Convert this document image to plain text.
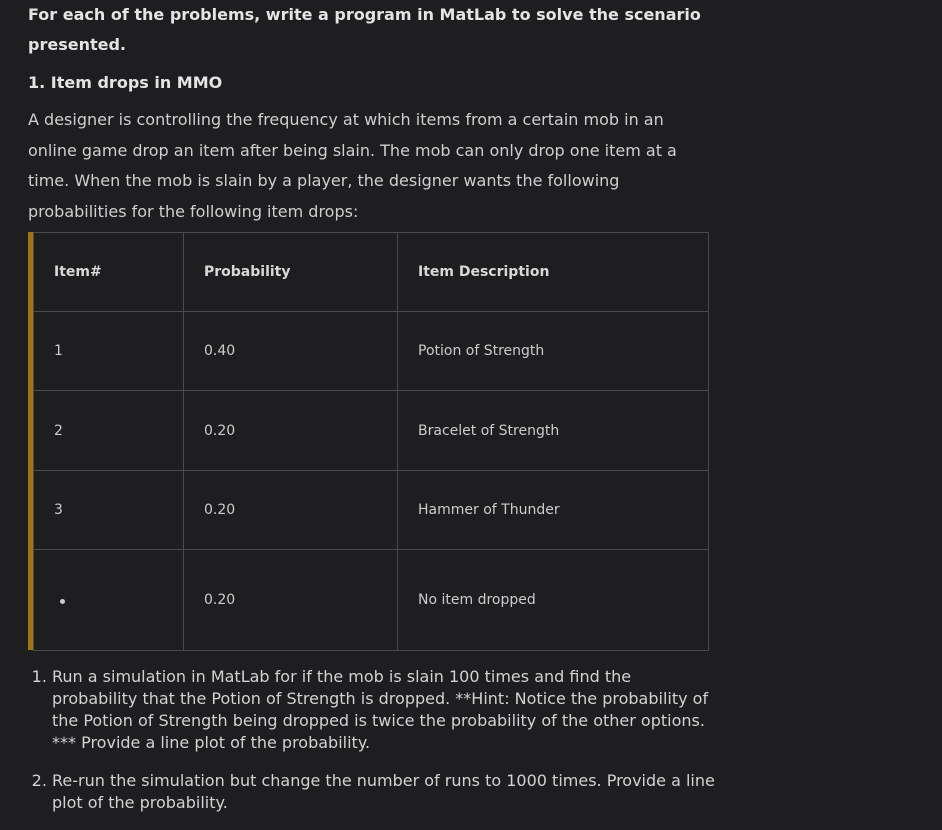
For each of the problems, write a program in MatLab to solve the scenario presented.

1. Item drops in MMO

A designer is controlling the frequency at which items from a certain mob in an online game drop an item after being slain. The mob can only drop one item at a time. When the mob is slain by a player, the designer wants the following probabilities for the following item drops:

Item#	Probability	Item Description
1	0.40	Potion of Strength
2	0.20	Bracelet of Strength
3	0.20	Hammer of Thunder
	0.20	No item dropped
1. Run a simulation in MatLab for if the mob is slain 100 times and find the probability that the Potion of Strength is dropped. **Hint: Notice the probability of the Potion of Strength being dropped is twice the probability of the other options. *** Provide a line plot of the probability.
2. Re-run the simulation but change the number of runs to 1000 times. Provide a line plot of the probability.
